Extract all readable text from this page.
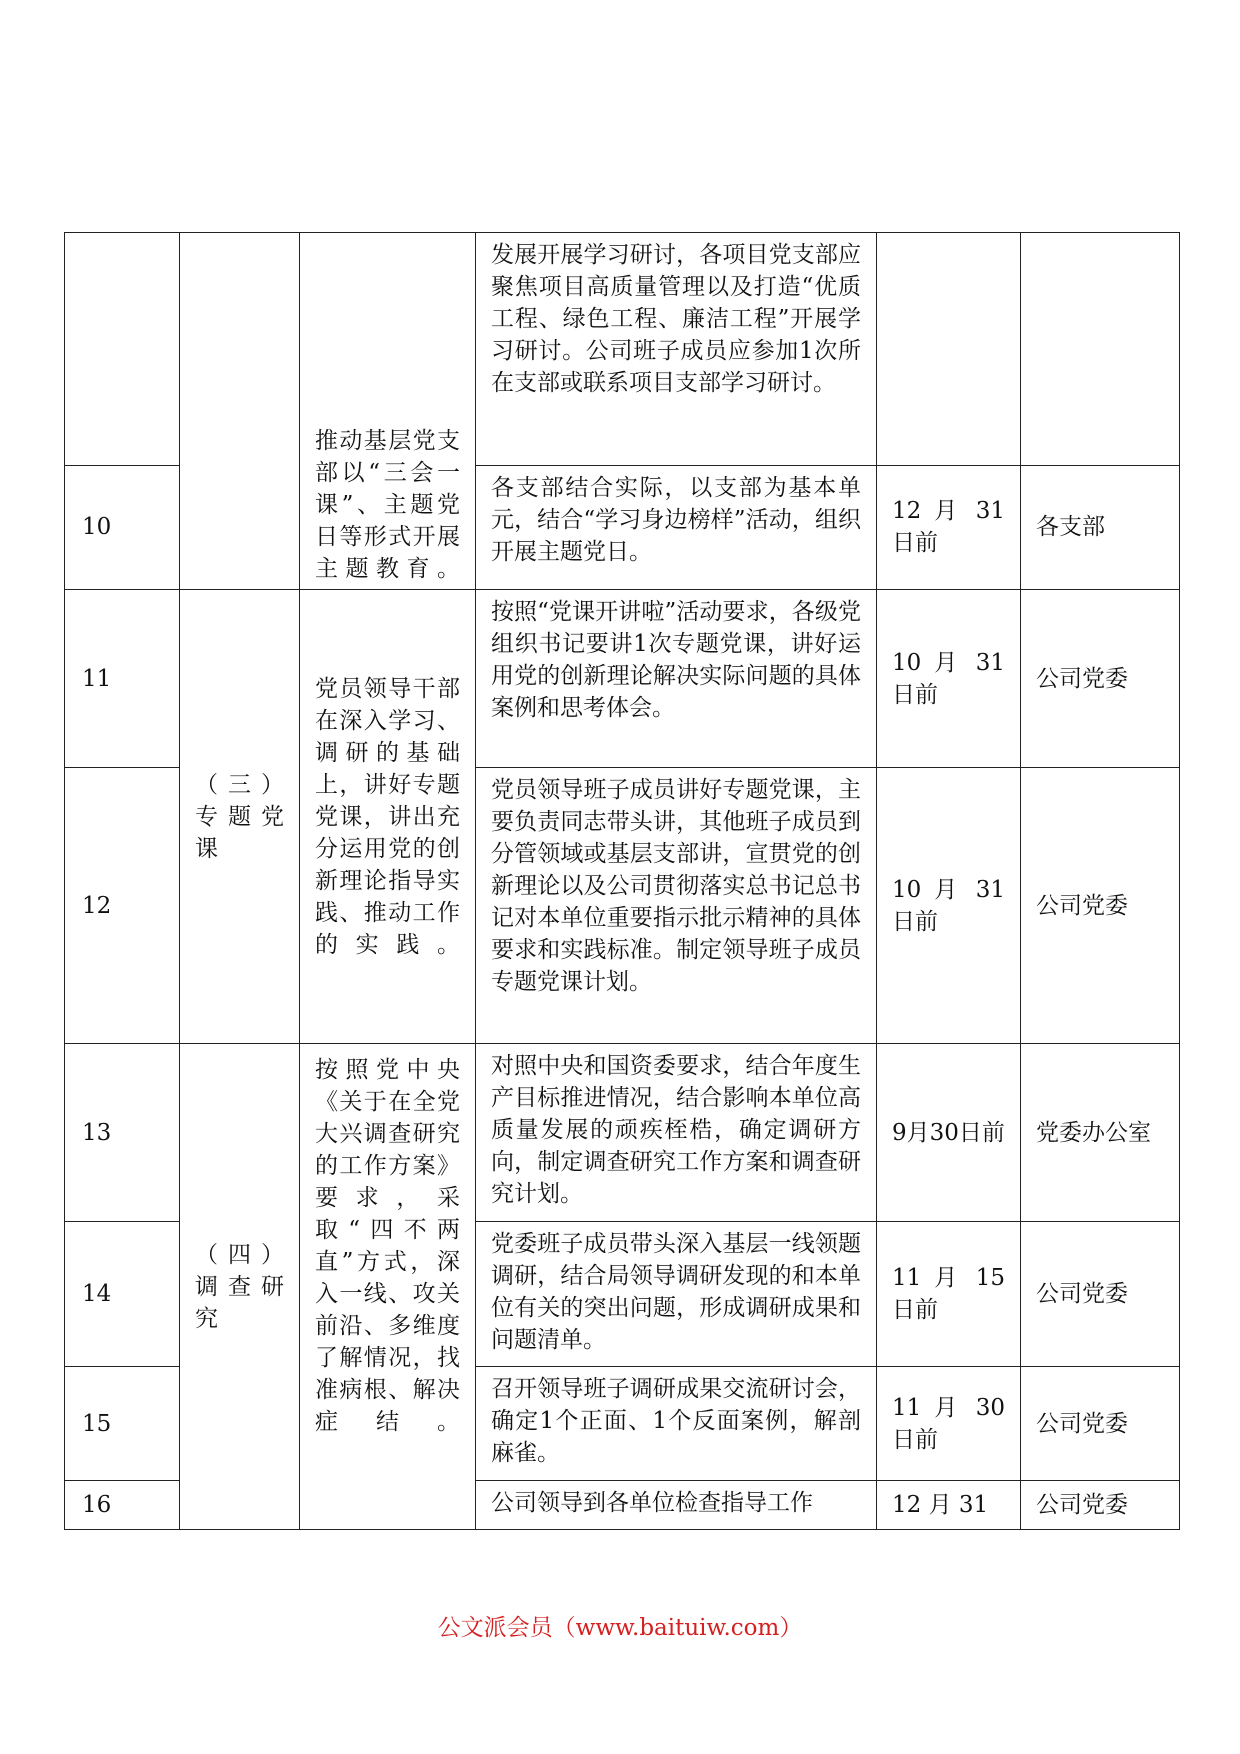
		推动基层党支部以“三会一课”、主题党日等形式开展主题教育。	发展开展学习研讨，各项目党支部应聚焦项目高质量管理以及打造“优质工程、绿色工程、廉洁工程”开展学习研讨。公司班子成员应参加1次所在支部或联系项目支部学习研讨。		
10			各支部结合实际，以支部为基本单元，结合“学习身边榜样”活动，组织开展主题党日。	12 月 31 日前	各支部
11	（三）专题党课	党员领导干部在深入学习、调研的基础上，讲好专题党课，讲出充分运用党的创新理论指导实践、推动工作的实践。	按照“党课开讲啦”活动要求，各级党组织书记要讲1次专题党课，讲好运用党的创新理论解决实际问题的具体案例和思考体会。	10 月 31 日前	公司党委
12			党员领导班子成员讲好专题党课，主要负责同志带头讲，其他班子成员到分管领域或基层支部讲，宣贯党的创新理论以及公司贯彻落实总书记总书记对本单位重要指示批示精神的具体要求和实践标准。制定领导班子成员专题党课计划。	10 月 31 日前	公司党委
13	（四）调查研究	按照党中央《关于在全党大兴调查研究的工作方案》要求，采取“四不两直”方式，深入一线、攻关前沿、多维度了解情况，找准病根、解决症结。	对照中央和国资委要求，结合年度生产目标推进情况，结合影响本单位高质量发展的顽疾桎梏，确定调研方向，制定调查研究工作方案和调查研究计划。	9月30日前	党委办公室
14			党委班子成员带头深入基层一线领题调研，结合局领导调研发现的和本单位有关的突出问题，形成调研成果和问题清单。	11 月 15 日前	公司党委
15			召开领导班子调研成果交流研讨会，确定1个正面、1个反面案例，解剖麻雀。	11 月 30 日前	公司党委
16			公司领导到各单位检查指导工作	12 月 31	公司党委
公文派会员（www.baituiw.com）
